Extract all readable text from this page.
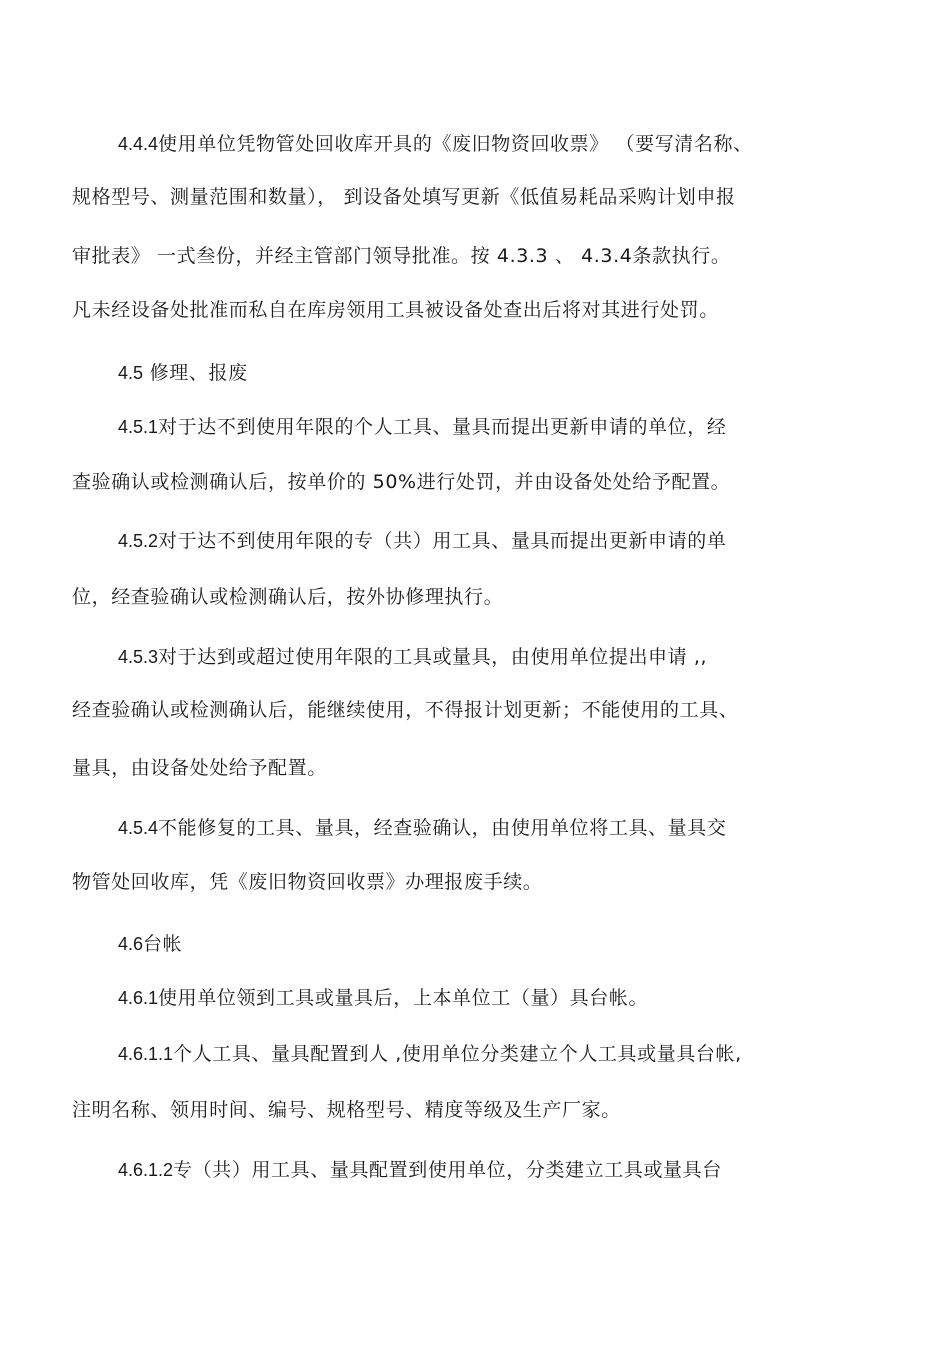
4.4.4使用单位凭物管处回收库开具的《废旧物资回收票》 （要写清名称、
规格型号、测量范围和数量）， 到设备处填写更新《低值易耗品采购计划申报
审批表》 一式叁份，并经主管部门领导批准。按 4.3.3 、 4.3.4条款执行。
凡未经设备处批准而私自在库房领用工具被设备处查出后将对其进行处罚。
4.5 修理、报废
4.5.1对于达不到使用年限的个人工具、量具而提出更新申请的单位，经
查验确认或检测确认后，按单价的 50%进行处罚，并由设备处处给予配置。
4.5.2对于达不到使用年限的专（共）用工具、量具而提出更新申请的单
位，经查验确认或检测确认后，按外协修理执行。
4.5.3对于达到或超过使用年限的工具或量具，由使用单位提出申请 ,,
经查验确认或检测确认后，能继续使用，不得报计划更新；不能使用的工具、
量具，由设备处处给予配置。
4.5.4不能修复的工具、量具，经查验确认，由使用单位将工具、量具交
物管处回收库，凭《废旧物资回收票》办理报废手续。
4.6台帐
4.6.1使用单位领到工具或量具后，上本单位工（量）具台帐。
4.6.1.1个人工具、量具配置到人 ,使用单位分类建立个人工具或量具台帐,
注明名称、领用时间、编号、规格型号、精度等级及生产厂家。
4.6.1.2专（共）用工具、量具配置到使用单位，分类建立工具或量具台
